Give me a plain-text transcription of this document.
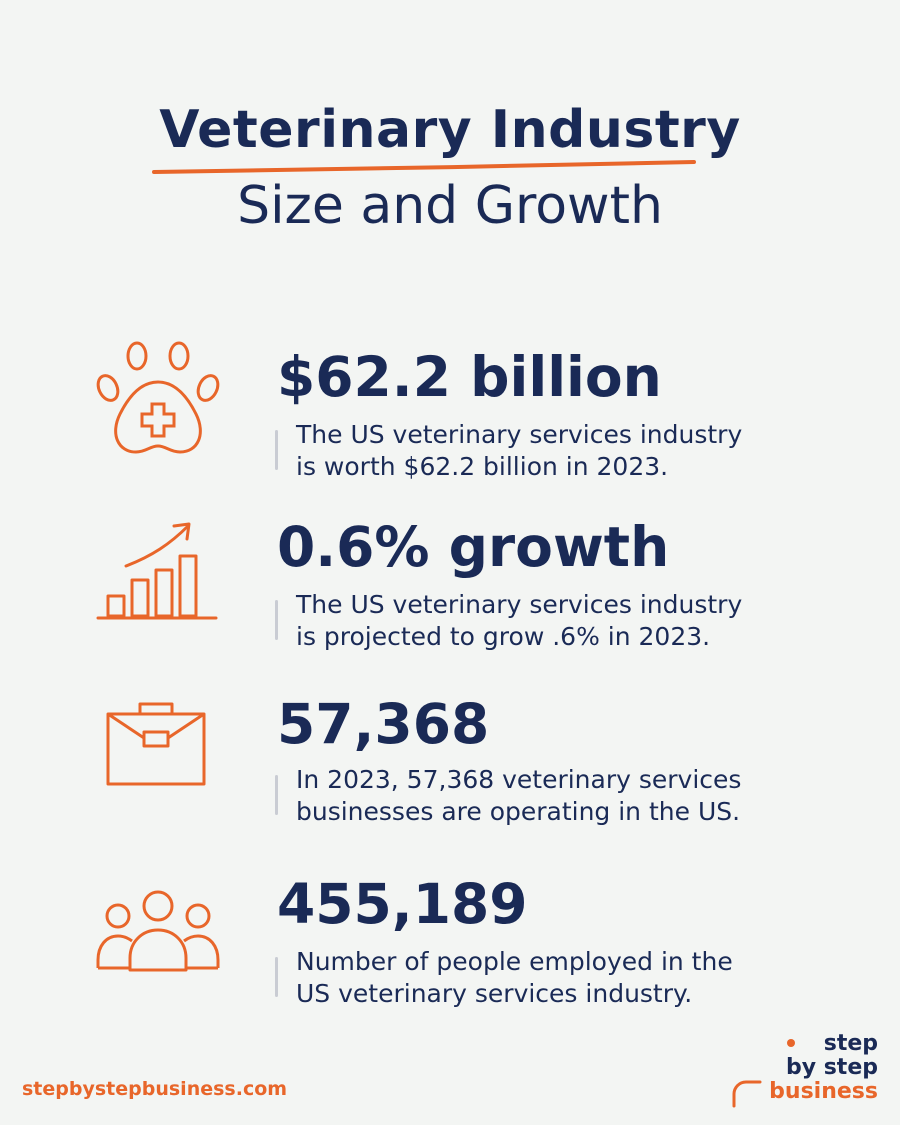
Veterinary Industry
Size and Growth
$62.2 billion
The US veterinary services industry
is worth $62.2 billion in 2023.
0.6% growth
The US veterinary services industry
is projected to grow .6% in 2023.
57,368
In 2023, 57,368 veterinary services
businesses are operating in the US.
455,189
Number of people employed in the
US veterinary services industry.
stepbystepbusiness.com
step
by step
business
